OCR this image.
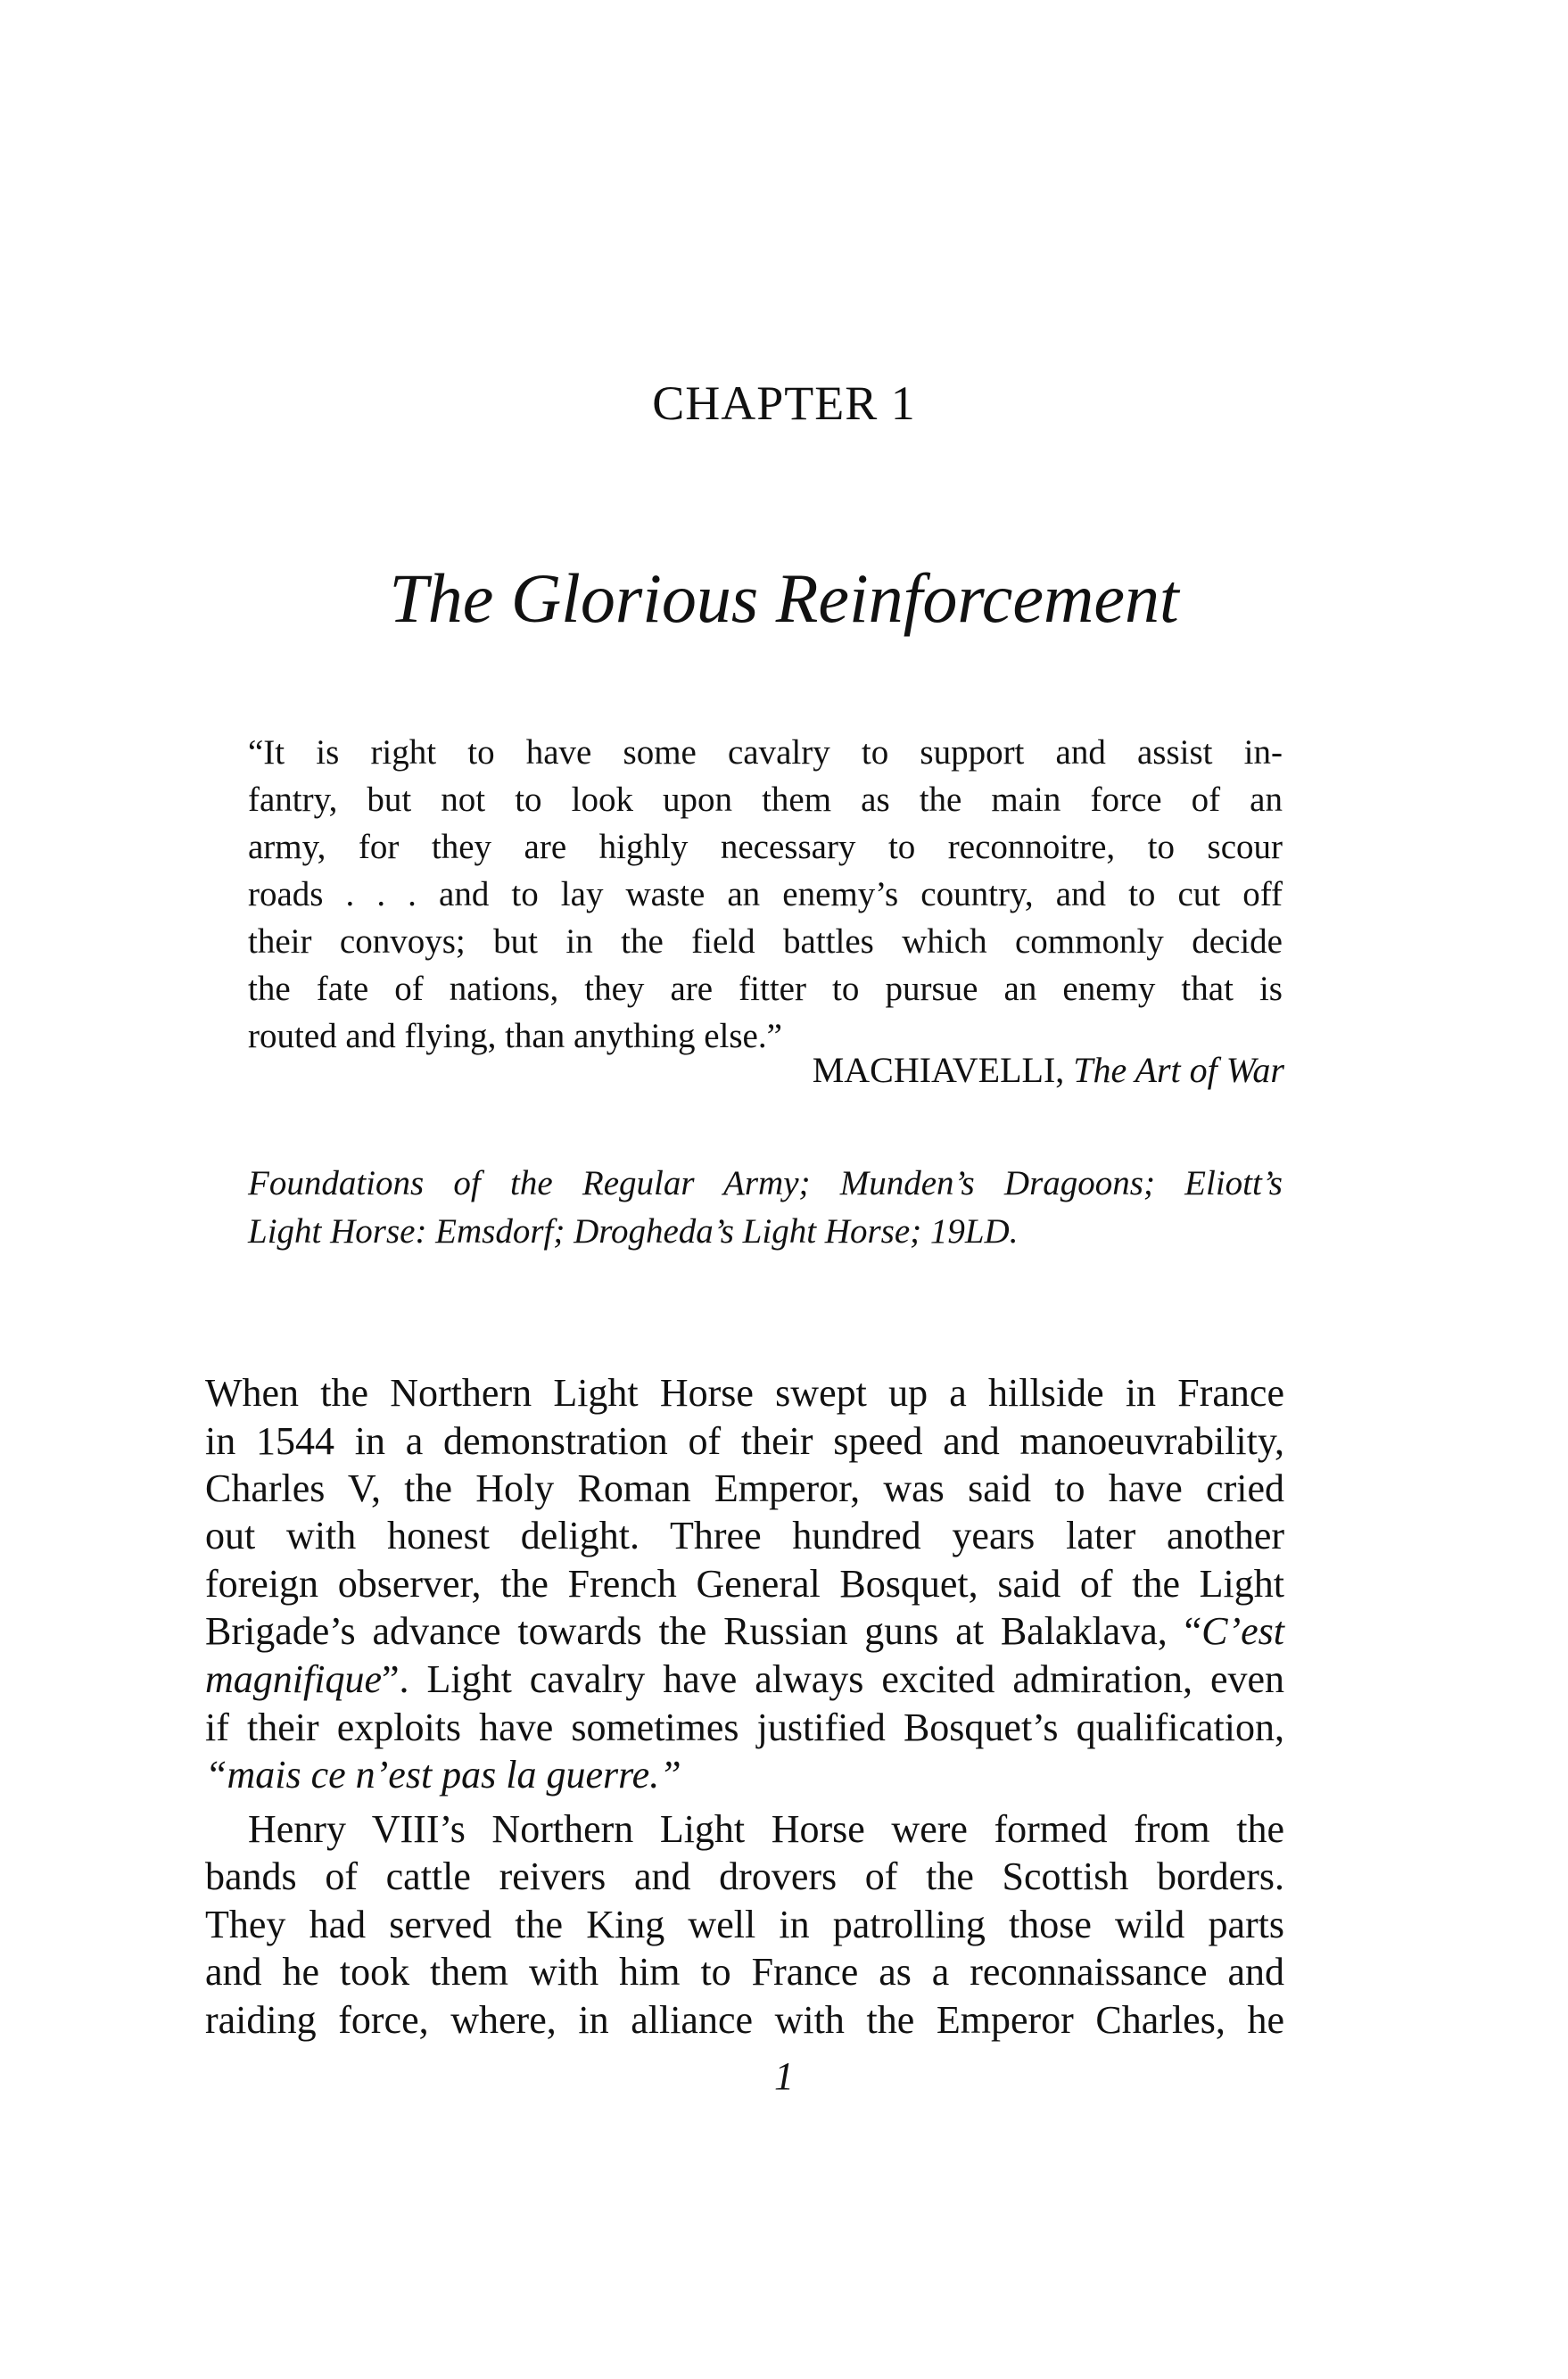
CHAPTER 1
The Glorious Reinforcement

“It is right to have some cavalry to support and assist in-

fantry, but not to look upon them as the main force of an

army, for they are highly necessary to reconnoitre, to scour

roads . . . and to lay waste an enemy’s country, and to cut off

their convoys; but in the field battles which commonly decide

the fate of nations, they are fitter to pursue an enemy that is

routed and flying, than anything else.”

MACHIAVELLI, The Art of War

Foundations of the Regular Army; Munden’s Dragoons; Eliott’s

Light Horse: Emsdorf; Drogheda’s Light Horse; 19LD.

When the Northern Light Horse swept up a hillside in France

in 1544 in a demonstration of their speed and manoeuvrability,

Charles V, the Holy Roman Emperor, was said to have cried

out with honest delight. Three hundred years later another

foreign observer, the French General Bosquet, said of the Light

Brigade’s advance towards the Russian guns at Balaklava, “C’est

magnifique”. Light cavalry have always excited admiration, even

if their exploits have sometimes justified Bosquet’s qualification,

“mais ce n’est pas la guerre.”

Henry VIII’s Northern Light Horse were formed from the

bands of cattle reivers and drovers of the Scottish borders.

They had served the King well in patrolling those wild parts

and he took them with him to France as a reconnaissance and

raiding force, where, in alliance with the Emperor Charles, he

1
